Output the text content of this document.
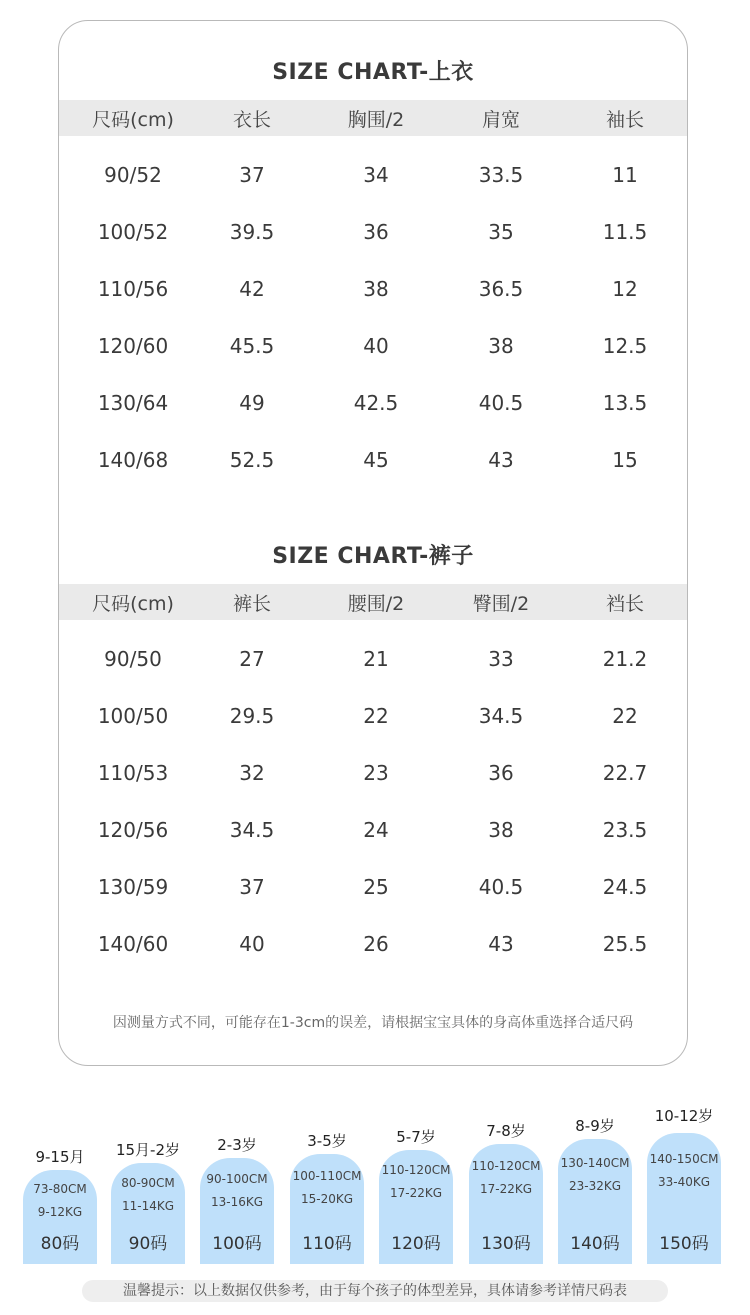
SIZE CHART-上衣
尺码(cm)	衣长	胸围/2	肩宽	袖长
90/52	37	34	33.5	11
100/52	39.5	36	35	11.5
110/56	42	38	36.5	12
120/60	45.5	40	38	12.5
130/64	49	42.5	40.5	13.5
140/68	52.5	45	43	15
SIZE CHART-裤子
尺码(cm)	裤长	腰围/2	臀围/2	裆长
90/50	27	21	33	21.2
100/50	29.5	22	34.5	22
110/53	32	23	36	22.7
120/56	34.5	24	38	23.5
130/59	37	25	40.5	24.5
140/60	40	26	43	25.5
因测量方式不同，可能存在1-3cm的误差，请根据宝宝具体的身高体重选择合适尺码
9-15月
73-80CM
9-12KG
80码
15月-2岁
80-90CM
11-14KG
90码
2-3岁
90-100CM
13-16KG
100码
3-5岁
100-110CM
15-20KG
110码
5-7岁
110-120CM
17-22KG
120码
7-8岁
110-120CM
17-22KG
130码
8-9岁
130-140CM
23-32KG
140码
10-12岁
140-150CM
33-40KG
150码
温馨提示：以上数据仅供参考，由于每个孩子的体型差异，具体请参考详情尺码表
